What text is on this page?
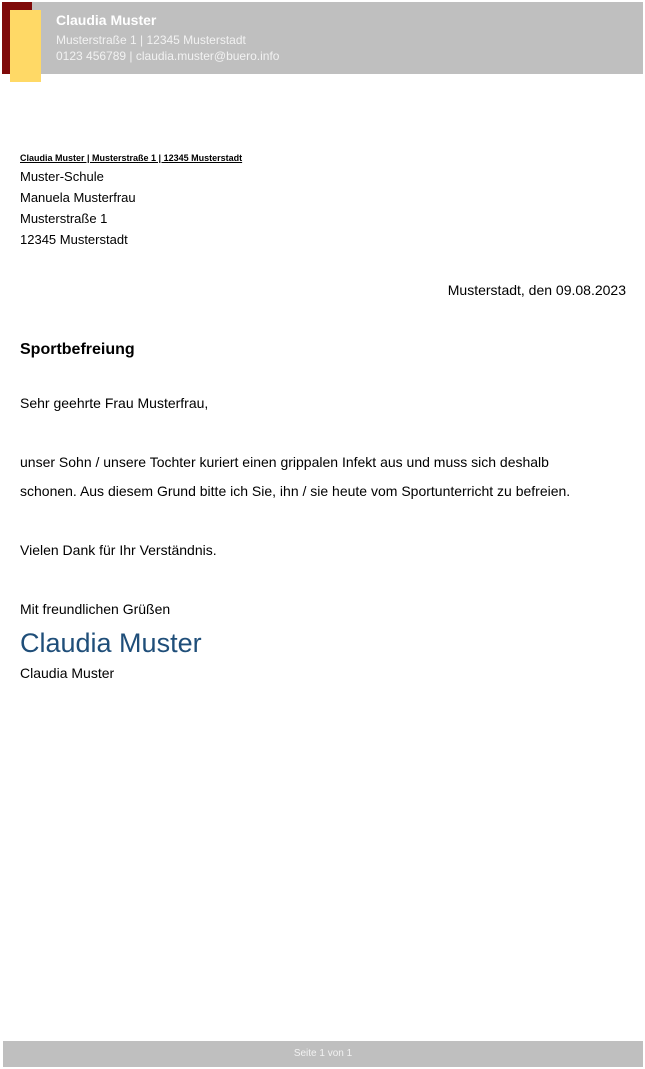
Claudia Muster
Musterstraße 1 | 12345 Musterstadt
0123 456789 | claudia.muster@buero.info
Claudia Muster | Musterstraße 1 | 12345 Musterstadt
Muster-Schule
Manuela Musterfrau
Musterstraße 1
12345 Musterstadt
Musterstadt, den 09.08.2023
Sportbefreiung
Sehr geehrte Frau Musterfrau,
unser Sohn / unsere Tochter kuriert einen grippalen Infekt aus und muss sich deshalb
schonen. Aus diesem Grund bitte ich Sie, ihn / sie heute vom Sportunterricht zu befreien.
Vielen Dank für Ihr Verständnis.
Mit freundlichen Grüßen
Claudia Muster
Claudia Muster
Seite 1 von 1
